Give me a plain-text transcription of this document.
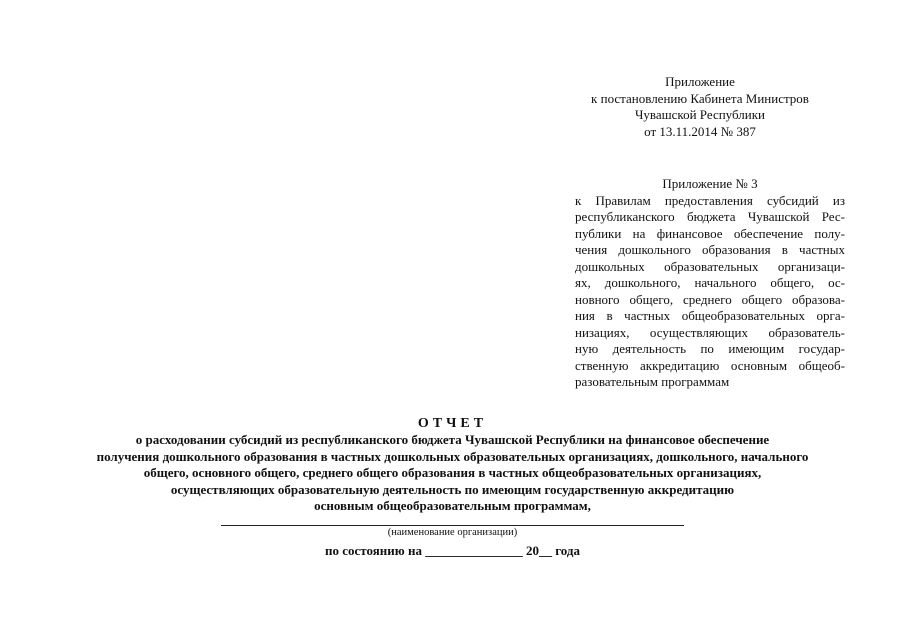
Приложение
к постановлению Кабинета Министров
Чувашской Республики
от 13.11.2014 № 387
Приложение № 3
к Правилам предоставления субсидий из
республиканского бюджета Чувашской Рес-
публики на финансовое обеспечение полу-
чения дошкольного образования в частных
дошкольных образовательных организаци-
ях, дошкольного, начального общего, ос-
новного общего, среднего общего образова-
ния в частных общеобразовательных орга-
низациях, осуществляющих образователь-
ную деятельность по имеющим государ-
ственную аккредитацию основным общеоб-
разовательным программам
ОТЧЕТ
о расходовании субсидий из республиканского бюджета Чувашской Республики на финансовое обеспечение
получения дошкольного образования в частных дошкольных образовательных организациях, дошкольного, начального
общего, основного общего, среднего общего образования в частных общеобразовательных организациях,
осуществляющих образовательную деятельность по имеющим государственную аккредитацию
основным общеобразовательным программам,
(наименование организации)
по состоянию на _______________ 20__ года
